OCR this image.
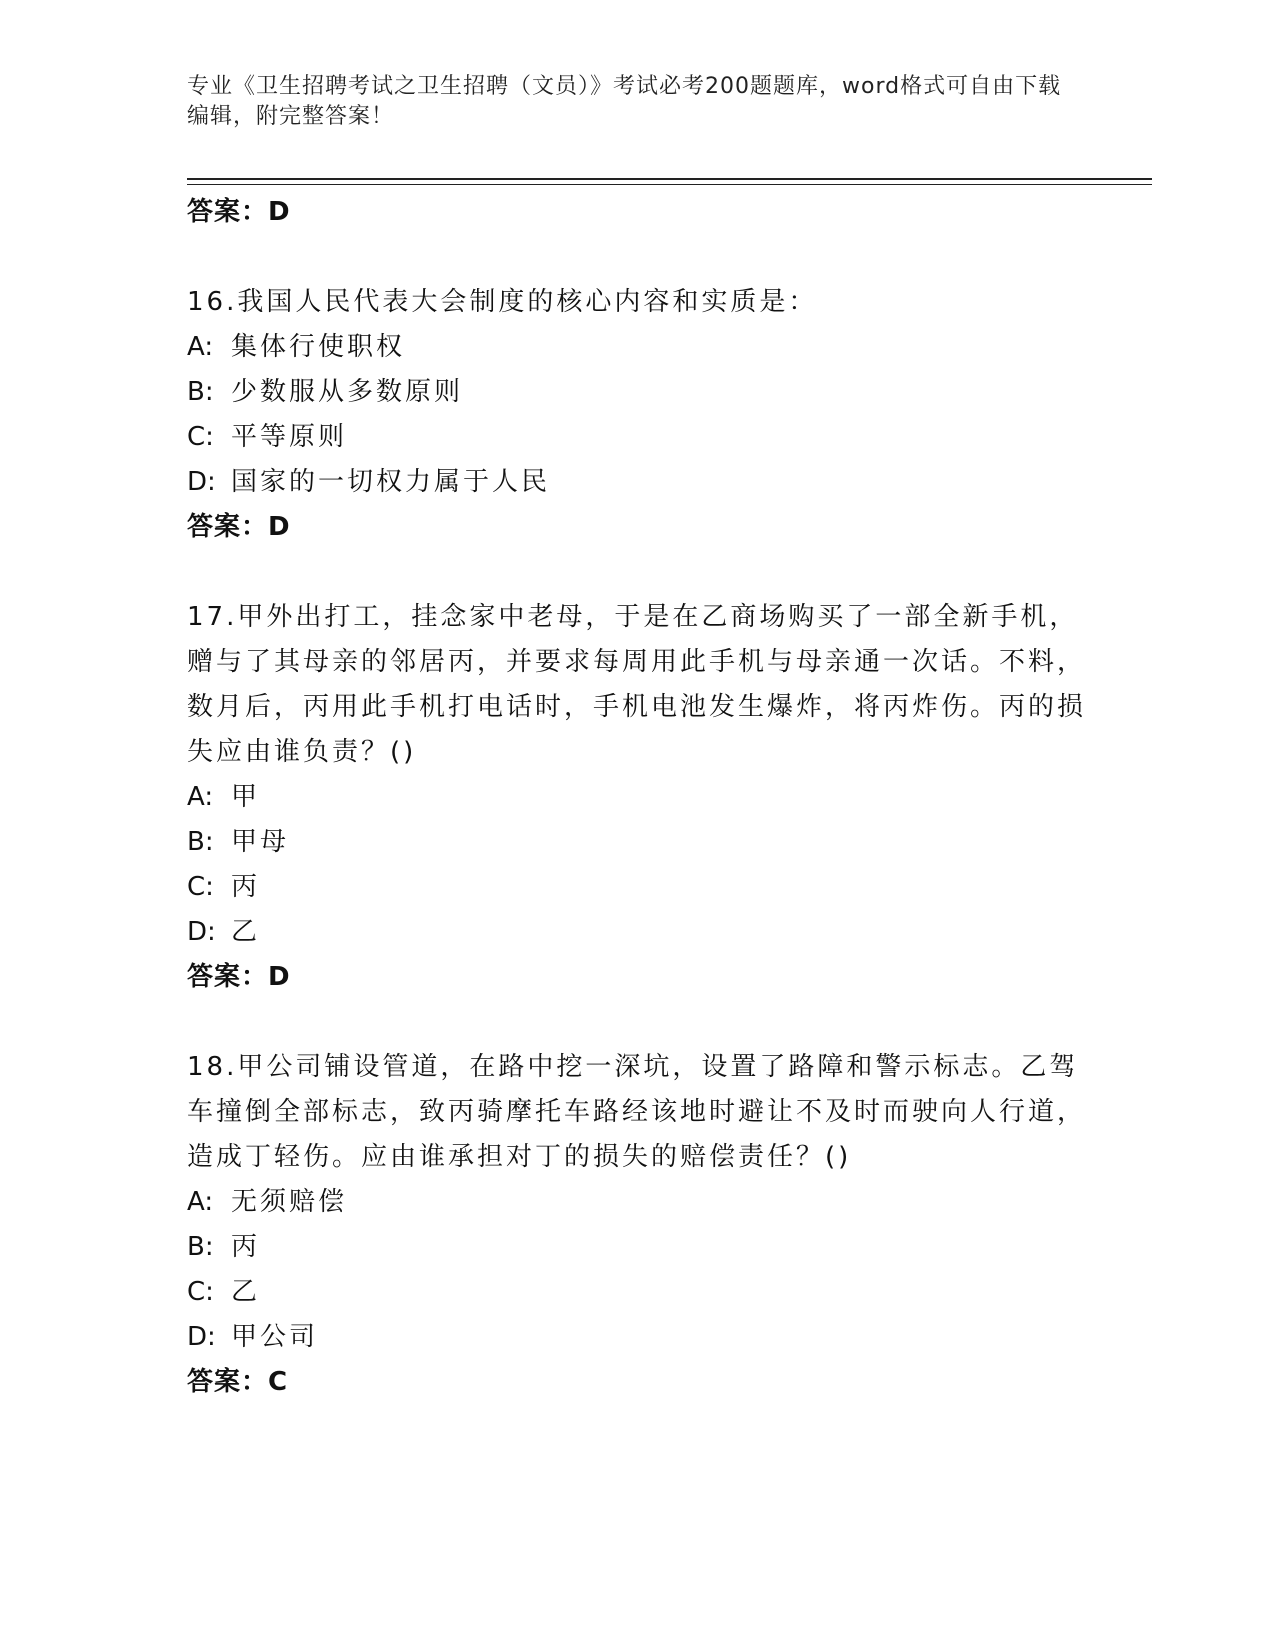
专业《卫生招聘考试之卫生招聘（文员）》考试必考200题题库，word格式可自由下载编辑，附完整答案！
答案：D
16.我国人民代表大会制度的核心内容和实质是：
A: 集体行使职权
B: 少数服从多数原则
C: 平等原则
D: 国家的一切权力属于人民
答案：D
17.甲外出打工，挂念家中老母，于是在乙商场购买了一部全新手机，赠与了其母亲的邻居丙，并要求每周用此手机与母亲通一次话。不料，数月后，丙用此手机打电话时，手机电池发生爆炸，将丙炸伤。丙的损失应由谁负责？()
A: 甲
B: 甲母
C: 丙
D: 乙
答案：D
18.甲公司铺设管道，在路中挖一深坑，设置了路障和警示标志。乙驾车撞倒全部标志，致丙骑摩托车路经该地时避让不及时而驶向人行道，造成丁轻伤。应由谁承担对丁的损失的赔偿责任？()
A: 无须赔偿
B: 丙
C: 乙
D: 甲公司
答案：C
